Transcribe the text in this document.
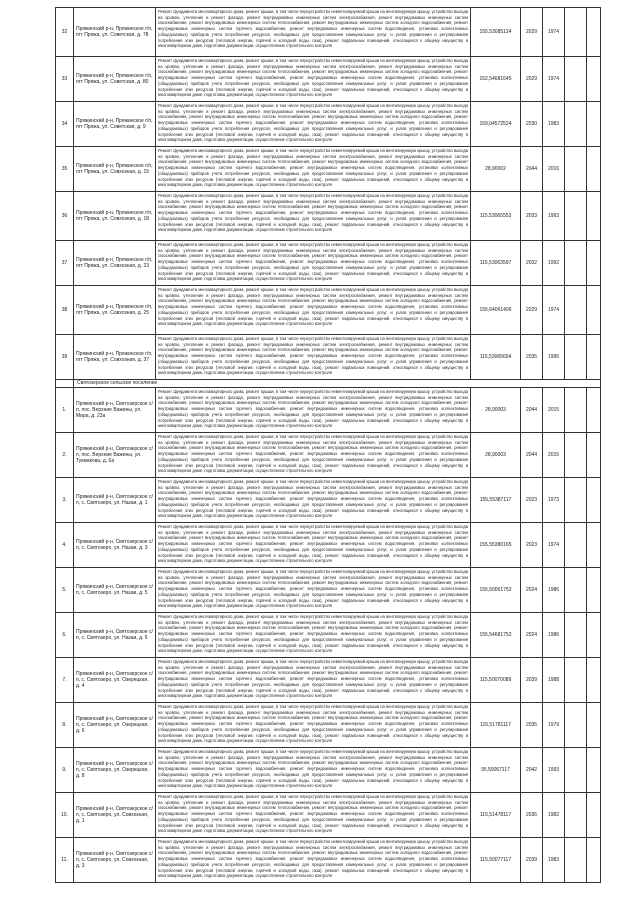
32	Пряжинский р-н, Пряжинское г/п, пгт Пряжа, ул. Советская, д. 78	Ремонт фундамента многоквартирного дома, ремонт крыши, в том числе переустройство невентилируемой крыши на вентилируемую крышу, устройство выхода на кровлю, утепление и ремонт фасада, ремонт внутридомовых инженерных систем электроснабжения, ремонт внутридомовых инженерных систем газоснабжения, ремонт внутридомовых инженерных систем теплоснабжения, ремонт внутридомовых инженерных систем холодного водоснабжения, ремонт внутридомовых инженерных систем горячего водоснабжения, ремонт внутридомовых инженерных систем водоотведения, установка коллективных (общедомовых) приборов учета потребления ресурсов, необходимых для предоставления коммунальных услуг, и узлов управления и регулирования потребления этих ресурсов (тепловой энергии, горячей и холодной воды, газа), ремонт подвальных помещений, относящихся к общему имуществу в многоквартирном доме, подготовка документации, осуществление строительного контроля	155,53085124	2029	1974		
33	Пряжинский р-н, Пряжинское г/п, пгт Пряжа, ул. Советская, д. 80	Ремонт фундамента многоквартирного дома, ремонт крыши, в том числе переустройство невентилируемой крыши на вентилируемую крышу, устройство выхода на кровлю, утепление и ремонт фасада, ремонт внутридомовых инженерных систем электроснабжения, ремонт внутридомовых инженерных систем газоснабжения, ремонт внутридомовых инженерных систем теплоснабжения, ремонт внутридомовых инженерных систем холодного водоснабжения, ремонт внутридомовых инженерных систем горячего водоснабжения, ремонт внутридомовых инженерных систем водоотведения, установка коллективных (общедомовых) приборов учета потребления ресурсов, необходимых для предоставления коммунальных услуг, и узлов управления и регулирования потребления этих ресурсов (тепловой энергии, горячей и холодной воды, газа), ремонт подвальных помещений, относящихся к общему имуществу в многоквартирном доме, подготовка документации, осуществление строительного контроля	152,54681645	2029	1974		
34	Пряжинский р-н, Пряжинское г/п, пгт Пряжа, ул. Советская, д. 9	Ремонт фундамента многоквартирного дома, ремонт крыши, в том числе переустройство невентилируемой крыши на вентилируемую крышу, устройство выхода на кровлю, утепление и ремонт фасада, ремонт внутридомовых инженерных систем электроснабжения, ремонт внутридомовых инженерных систем газоснабжения, ремонт внутридомовых инженерных систем теплоснабжения, ремонт внутридомовых инженерных систем холодного водоснабжения, ремонт внутридомовых инженерных систем горячего водоснабжения, ремонт внутридомовых инженерных систем водоотведения, установка коллективных (общедомовых) приборов учета потребления ресурсов, необходимых для предоставления коммунальных услуг, и узлов управления и регулирования потребления этих ресурсов (тепловой энергии, горячей и холодной воды, газа), ремонт подвальных помещений, относящихся к общему имуществу в многоквартирном доме, подготовка документации, осуществление строительного контроля	159,04572524	2030	1983		
35	Пряжинский р-н, Пряжинское г/п, пгт Пряжа, ул. Совхозная, д. 15	Ремонт фундамента многоквартирного дома, ремонт крыши, в том числе переустройство невентилируемой крыши на вентилируемую крышу, устройство выхода на кровлю, утепление и ремонт фасада, ремонт внутридомовых инженерных систем электроснабжения, ремонт внутридомовых инженерных систем газоснабжения, ремонт внутридомовых инженерных систем теплоснабжения, ремонт внутридомовых инженерных систем холодного водоснабжения, ремонт внутридомовых инженерных систем горячего водоснабжения, ремонт внутридомовых инженерных систем водоотведения, установка коллективных (общедомовых) приборов учета потребления ресурсов, необходимых для предоставления коммунальных услуг, и узлов управления и регулирования потребления этих ресурсов (тепловой энергии, горячей и холодной воды, газа), ремонт подвальных помещений, относящихся к общему имуществу в многоквартирном доме, подготовка документации, осуществление строительного контроля	28,90002	2044	2016		
36	Пряжинский р-н, Пряжинское г/п, пгт Пряжа, ул. Совхозная, д. 18	Ремонт фундамента многоквартирного дома, ремонт крыши, в том числе переустройство невентилируемой крыши на вентилируемую крышу, устройство выхода на кровлю, утепление и ремонт фасада, ремонт внутридомовых инженерных систем электроснабжения, ремонт внутридомовых инженерных систем газоснабжения, ремонт внутридомовых инженерных систем теплоснабжения, ремонт внутридомовых инженерных систем холодного водоснабжения, ремонт внутридомовых инженерных систем горячего водоснабжения, ремонт внутридомовых инженерных систем водоотведения, установка коллективных (общедомовых) приборов учета потребления ресурсов, необходимых для предоставления коммунальных услуг, и узлов управления и регулирования потребления этих ресурсов (тепловой энергии, горячей и холодной воды, газа), ремонт подвальных помещений, относящихся к общему имуществу в многоквартирном доме, подготовка документации, осуществление строительного контроля	115,53065553	2033	1993		
37	Пряжинский р-н, Пряжинское г/п, пгт Пряжа, ул. Совхозная, д. 23	Ремонт фундамента многоквартирного дома, ремонт крыши, в том числе переустройство невентилируемой крыши на вентилируемую крышу, устройство выхода на кровлю, утепление и ремонт фасада, ремонт внутридомовых инженерных систем электроснабжения, ремонт внутридомовых инженерных систем газоснабжения, ремонт внутридомовых инженерных систем теплоснабжения, ремонт внутридомовых инженерных систем холодного водоснабжения, ремонт внутридомовых инженерных систем горячего водоснабжения, ремонт внутридомовых инженерных систем водоотведения, установка коллективных (общедомовых) приборов учета потребления ресурсов, необходимых для предоставления коммунальных услуг, и узлов управления и регулирования потребления этих ресурсов (тепловой энергии, горячей и холодной воды, газа), ремонт подвальных помещений, относящихся к общему имуществу в многоквартирном доме, подготовка документации, осуществление строительного контроля	115,53063597	2032	1992		
38	Пряжинский р-н, Пряжинское г/п, пгт Пряжа, ул. Совхозная, д. 25	Ремонт фундамента многоквартирного дома, ремонт крыши, в том числе переустройство невентилируемой крыши на вентилируемую крышу, устройство выхода на кровлю, утепление и ремонт фасада, ремонт внутридомовых инженерных систем электроснабжения, ремонт внутридомовых инженерных систем газоснабжения, ремонт внутридомовых инженерных систем теплоснабжения, ремонт внутридомовых инженерных систем холодного водоснабжения, ремонт внутридомовых инженерных систем горячего водоснабжения, ремонт внутридомовых инженерных систем водоотведения, установка коллективных (общедомовых) приборов учета потребления ресурсов, необходимых для предоставления коммунальных услуг, и узлов управления и регулирования потребления этих ресурсов (тепловой энергии, горячей и холодной воды, газа), ремонт подвальных помещений, относящихся к общему имуществу в многоквартирном доме, подготовка документации, осуществление строительного контроля	155,64061406	2029	1974		
39	Пряжинский р-н, Пряжинское г/п, пгт Пряжа, ул. Совхозная, д. 37	Ремонт фундамента многоквартирного дома, ремонт крыши, в том числе переустройство невентилируемой крыши на вентилируемую крышу, устройство выхода на кровлю, утепление и ремонт фасада, ремонт внутридомовых инженерных систем электроснабжения, ремонт внутридомовых инженерных систем газоснабжения, ремонт внутридомовых инженерных систем теплоснабжения, ремонт внутридомовых инженерных систем холодного водоснабжения, ремонт внутридомовых инженерных систем горячего водоснабжения, ремонт внутридомовых инженерных систем водоотведения, установка коллективных (общедомовых) приборов учета потребления ресурсов, необходимых для предоставления коммунальных услуг, и узлов управления и регулирования потребления этих ресурсов (тепловой энергии, горячей и холодной воды, газа), ремонт подвальных помещений, относящихся к общему имуществу в многоквартирном доме, подготовка документации, осуществление строительного контроля	115,53065654	2035	1995		
	Святозерское сельское поселение						
1.	Пряжинский р-н, Святозерское с/п, пос. Верхние Важины, ул. Мира, д. 23а	Ремонт фундамента многоквартирного дома, ремонт крыши, в том числе переустройство невентилируемой крыши на вентилируемую крышу, устройство выхода на кровлю, утепление и ремонт фасада, ремонт внутридомовых инженерных систем электроснабжения, ремонт внутридомовых инженерных систем газоснабжения, ремонт внутридомовых инженерных систем теплоснабжения, ремонт внутридомовых инженерных систем холодного водоснабжения, ремонт внутридомовых инженерных систем горячего водоснабжения, ремонт внутридомовых инженерных систем водоотведения, установка коллективных (общедомовых) приборов учета потребления ресурсов, необходимых для предоставления коммунальных услуг, и узлов управления и регулирования потребления этих ресурсов (тепловой энергии, горячей и холодной воды, газа), ремонт подвальных помещений, относящихся к общему имуществу в многоквартирном доме, подготовка документации, осуществление строительного контроля	28,90003	2044	2015		
2.	Пряжинский р-н, Святозерское с/п, пос. Верхние Важины, ул. Тукмакова, д. 6а	Ремонт фундамента многоквартирного дома, ремонт крыши, в том числе переустройство невентилируемой крыши на вентилируемую крышу, устройство выхода на кровлю, утепление и ремонт фасада, ремонт внутридомовых инженерных систем электроснабжения, ремонт внутридомовых инженерных систем газоснабжения, ремонт внутридомовых инженерных систем теплоснабжения, ремонт внутридомовых инженерных систем холодного водоснабжения, ремонт внутридомовых инженерных систем горячего водоснабжения, ремонт внутридомовых инженерных систем водоотведения, установка коллективных (общедомовых) приборов учета потребления ресурсов, необходимых для предоставления коммунальных услуг, и узлов управления и регулирования потребления этих ресурсов (тепловой энергии, горячей и холодной воды, газа), ремонт подвальных помещений, относящихся к общему имуществу в многоквартирном доме, подготовка документации, осуществление строительного контроля	28,90003	2044	2015		
3.	Пряжинский р-н, Святозерское с/п, с. Святозеро, ул. Назаи, д. 1	Ремонт фундамента многоквартирного дома, ремонт крыши, в том числе переустройство невентилируемой крыши на вентилируемую крышу, устройство выхода на кровлю, утепление и ремонт фасада, ремонт внутридомовых инженерных систем электроснабжения, ремонт внутридомовых инженерных систем газоснабжения, ремонт внутридомовых инженерных систем теплоснабжения, ремонт внутридомовых инженерных систем холодного водоснабжения, ремонт внутридомовых инженерных систем горячего водоснабжения, ремонт внутридомовых инженерных систем водоотведения, установка коллективных (общедомовых) приборов учета потребления ресурсов, необходимых для предоставления коммунальных услуг, и узлов управления и регулирования потребления этих ресурсов (тепловой энергии, горячей и холодной воды, газа), ремонт подвальных помещений, относящихся к общему имуществу в многоквартирном доме, подготовка документации, осуществление строительного контроля	155,55387117	2023	1973		
4.	Пряжинский р-н, Святозерское с/п, с. Святозеро, ул. Назаи, д. 3	Ремонт фундамента многоквартирного дома, ремонт крыши, в том числе переустройство невентилируемой крыши на вентилируемую крышу, устройство выхода на кровлю, утепление и ремонт фасада, ремонт внутридомовых инженерных систем электроснабжения, ремонт внутридомовых инженерных систем газоснабжения, ремонт внутридомовых инженерных систем теплоснабжения, ремонт внутридомовых инженерных систем холодного водоснабжения, ремонт внутридомовых инженерных систем горячего водоснабжения, ремонт внутридомовых инженерных систем водоотведения, установка коллективных (общедомовых) приборов учета потребления ресурсов, необходимых для предоставления коммунальных услуг, и узлов управления и регулирования потребления этих ресурсов (тепловой энергии, горячей и холодной воды, газа), ремонт подвальных помещений, относящихся к общему имуществу в многоквартирном доме, подготовка документации, осуществление строительного контроля	155,55380165	2023	1974		
5.	Пряжинский р-н, Святозерское с/п, с. Святозеро, ул. Назаи, д. 5	Ремонт фундамента многоквартирного дома, ремонт крыши, в том числе переустройство невентилируемой крыши на вентилируемую крышу, устройство выхода на кровлю, утепление и ремонт фасада, ремонт внутридомовых инженерных систем электроснабжения, ремонт внутридомовых инженерных систем газоснабжения, ремонт внутридомовых инженерных систем теплоснабжения, ремонт внутридомовых инженерных систем холодного водоснабжения, ремонт внутридомовых инженерных систем горячего водоснабжения, ремонт внутридомовых инженерных систем водоотведения, установка коллективных (общедомовых) приборов учета потребления ресурсов, необходимых для предоставления коммунальных услуг, и узлов управления и регулирования потребления этих ресурсов (тепловой энергии, горячей и холодной воды, газа), ремонт подвальных помещений, относящихся к общему имуществу в многоквартирном доме, подготовка документации, осуществление строительного контроля	155,50061752	2024	1986		
6.	Пряжинский р-н, Святозерское с/п, с. Святозеро, ул. Назаи, д. 6	Ремонт фундамента многоквартирного дома, ремонт крыши, в том числе переустройство невентилируемой крыши на вентилируемую крышу, устройство выхода на кровлю, утепление и ремонт фасада, ремонт внутридомовых инженерных систем электроснабжения, ремонт внутридомовых инженерных систем газоснабжения, ремонт внутридомовых инженерных систем теплоснабжения, ремонт внутридомовых инженерных систем холодного водоснабжения, ремонт внутридомовых инженерных систем горячего водоснабжения, ремонт внутридомовых инженерных систем водоотведения, установка коллективных (общедомовых) приборов учета потребления ресурсов, необходимых для предоставления коммунальных услуг, и узлов управления и регулирования потребления этих ресурсов (тепловой энергии, горячей и холодной воды, газа), ремонт подвальных помещений, относящихся к общему имуществу в многоквартирном доме, подготовка документации, осуществление строительного контроля	155,54681752	2024	1986		
7.	Пряжинский р-н, Святозерское с/п, с. Святозеро, ул. Озерецкая, д. 4	Ремонт фундамента многоквартирного дома, ремонт крыши, в том числе переустройство невентилируемой крыши на вентилируемую крышу, устройство выхода на кровлю, утепление и ремонт фасада, ремонт внутридомовых инженерных систем электроснабжения, ремонт внутридомовых инженерных систем газоснабжения, ремонт внутридомовых инженерных систем теплоснабжения, ремонт внутридомовых инженерных систем холодного водоснабжения, ремонт внутридомовых инженерных систем горячего водоснабжения, ремонт внутридомовых инженерных систем водоотведения, установка коллективных (общедомовых) приборов учета потребления ресурсов, необходимых для предоставления коммунальных услуг, и узлов управления и регулирования потребления этих ресурсов (тепловой энергии, горячей и холодной воды, газа), ремонт подвальных помещений, относящихся к общему имуществу в многоквартирном доме, подготовка документации, осуществление строительного контроля	115,50070089	2039	1988		
8.	Пряжинский р-н, Святозерское с/п, с. Святозеро, ул. Озерецкая, д. 6	Ремонт фундамента многоквартирного дома, ремонт крыши, в том числе переустройство невентилируемой крыши на вентилируемую крышу, устройство выхода на кровлю, утепление и ремонт фасада, ремонт внутридомовых инженерных систем электроснабжения, ремонт внутридомовых инженерных систем газоснабжения, ремонт внутридомовых инженерных систем теплоснабжения, ремонт внутридомовых инженерных систем холодного водоснабжения, ремонт внутридомовых инженерных систем горячего водоснабжения, ремонт внутридомовых инженерных систем водоотведения, установка коллективных (общедомовых) приборов учета потребления ресурсов, необходимых для предоставления коммунальных услуг, и узлов управления и регулирования потребления этих ресурсов (тепловой энергии, горячей и холодной воды, газа), ремонт подвальных помещений, относящихся к общему имуществу в многоквартирном доме, подготовка документации, осуществление строительного контроля	115,51781117	2035	1979		
9.	Пряжинский р-н, Святозерское с/п, с. Святозеро, ул. Озерецкая, д. 8	Ремонт фундамента многоквартирного дома, ремонт крыши, в том числе переустройство невентилируемой крыши на вентилируемую крышу, устройство выхода на кровлю, утепление и ремонт фасада, ремонт внутридомовых инженерных систем электроснабжения, ремонт внутридомовых инженерных систем газоснабжения, ремонт внутридомовых инженерных систем теплоснабжения, ремонт внутридомовых инженерных систем холодного водоснабжения, ремонт внутридомовых инженерных систем горячего водоснабжения, ремонт внутридомовых инженерных систем водоотведения, установка коллективных (общедомовых) приборов учета потребления ресурсов, необходимых для предоставления коммунальных услуг, и узлов управления и регулирования потребления этих ресурсов (тепловой энергии, горячей и холодной воды, газа), ремонт подвальных помещений, относящихся к общему имуществу в многоквартирном доме, подготовка документации, осуществление строительного контроля	95,50067117	2042	1993		
10.	Пряжинский р-н, Святозерское с/п, с. Святозеро, ул. Совхозная, д. 1	Ремонт фундамента многоквартирного дома, ремонт крыши, в том числе переустройство невентилируемой крыши на вентилируемую крышу, устройство выхода на кровлю, утепление и ремонт фасада, ремонт внутридомовых инженерных систем электроснабжения, ремонт внутридомовых инженерных систем газоснабжения, ремонт внутридомовых инженерных систем теплоснабжения, ремонт внутридомовых инженерных систем холодного водоснабжения, ремонт внутридомовых инженерных систем горячего водоснабжения, ремонт внутридомовых инженерных систем водоотведения, установка коллективных (общедомовых) приборов учета потребления ресурсов, необходимых для предоставления коммунальных услуг, и узлов управления и регулирования потребления этих ресурсов (тепловой энергии, горячей и холодной воды, газа), ремонт подвальных помещений, относящихся к общему имуществу в многоквартирном доме, подготовка документации, осуществление строительного контроля	115,51478117	2036	1982		
11.	Пряжинский р-н, Святозерское с/п, с. Святозеро, ул. Совхозная, д. 3	Ремонт фундамента многоквартирного дома, ремонт крыши, в том числе переустройство невентилируемой крыши на вентилируемую крышу, устройство выхода на кровлю, утепление и ремонт фасада, ремонт внутридомовых инженерных систем электроснабжения, ремонт внутридомовых инженерных систем газоснабжения, ремонт внутридомовых инженерных систем теплоснабжения, ремонт внутридомовых инженерных систем холодного водоснабжения, ремонт внутридомовых инженерных систем горячего водоснабжения, ремонт внутридомовых инженерных систем водоотведения, установка коллективных (общедомовых) приборов учета потребления ресурсов, необходимых для предоставления коммунальных услуг, и узлов управления и регулирования потребления этих ресурсов (тепловой энергии, горячей и холодной воды, газа), ремонт подвальных помещений, относящихся к общему имуществу в многоквартирном доме, подготовка документации, осуществление строительного контроля	115,50077117	2039	1983		
